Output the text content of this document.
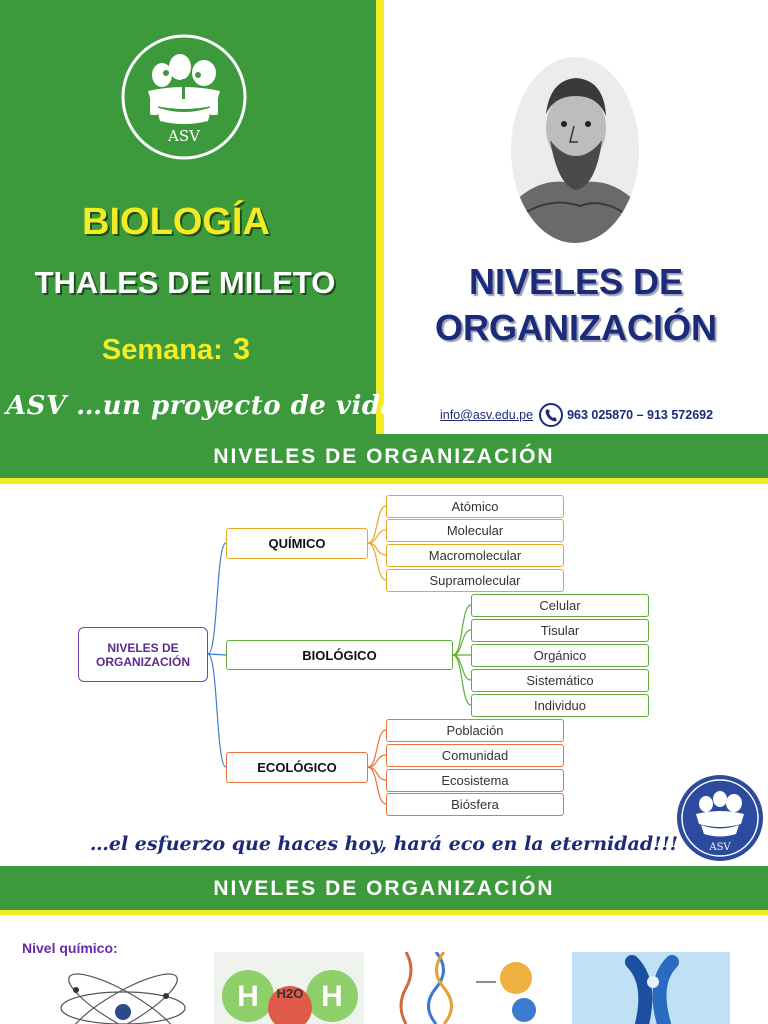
ASV
BIOLOGÍA
THALES DE MILETO
Semana: 3
ASV …un proyecto de vida!!!
NIVELES DE
ORGANIZACIÓN
info@asv.edu.pe	963 025870 – 913 572692
NIVELES DE ORGANIZACIÓN
NIVELES DE
ORGANIZACIÓN
QUÍMICO
Atómico
Molecular
Macromolecular
Supramolecular
BIOLÓGICO
Celular
Tisular
Orgánico
Sistemático
Individuo
ECOLÓGICO
Población
Comunidad
Ecosistema
Biósfera
…el esfuerzo que haces hoy, hará eco en la eternidad!!!	ASV
NIVELES DE ORGANIZACIÓN
Nivel químico:
H H
H2O
